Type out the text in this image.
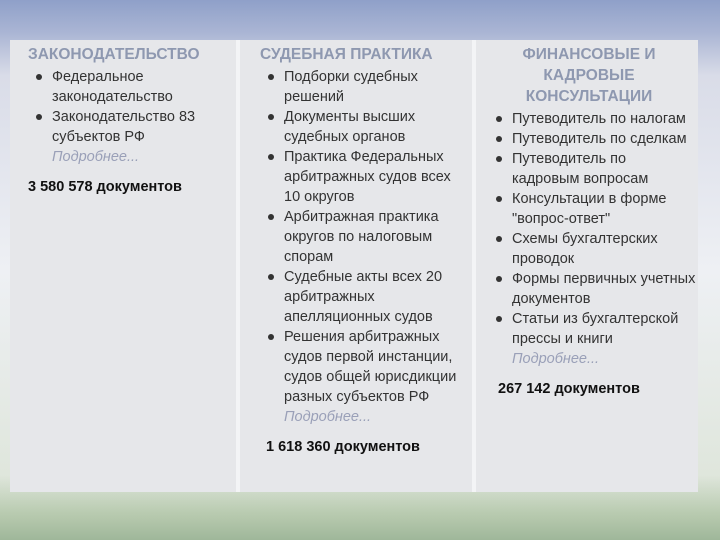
ЗАКОНОДАТЕЛЬСТВО
Федеральное законодательство
Законодательство 83 субъектов РФ
Подробнее...
3 580 578 документов
СУДЕБНАЯ ПРАКТИКА
Подборки судебных решений
Документы высших судебных органов
Практика Федеральных арбитражных судов всех 10 округов
Арбитражная практика округов по налоговым спорам
Судебные акты всех 20 арбитражных апелляционных судов
Решения арбитражных судов первой инстанции, судов общей юрисдикции разных субъектов РФ
Подробнее...
1 618 360 документов
ФИНАНСОВЫЕ И КАДРОВЫЕ КОНСУЛЬТАЦИИ
Путеводитель по налогам
Путеводитель по сделкам
Путеводитель по кадровым вопросам
Консультации в форме "вопрос-ответ"
Схемы бухгалтерских проводок
Формы первичных учетных документов
Статьи из бухгалтерской прессы и книги
Подробнее...
267 142 документов
